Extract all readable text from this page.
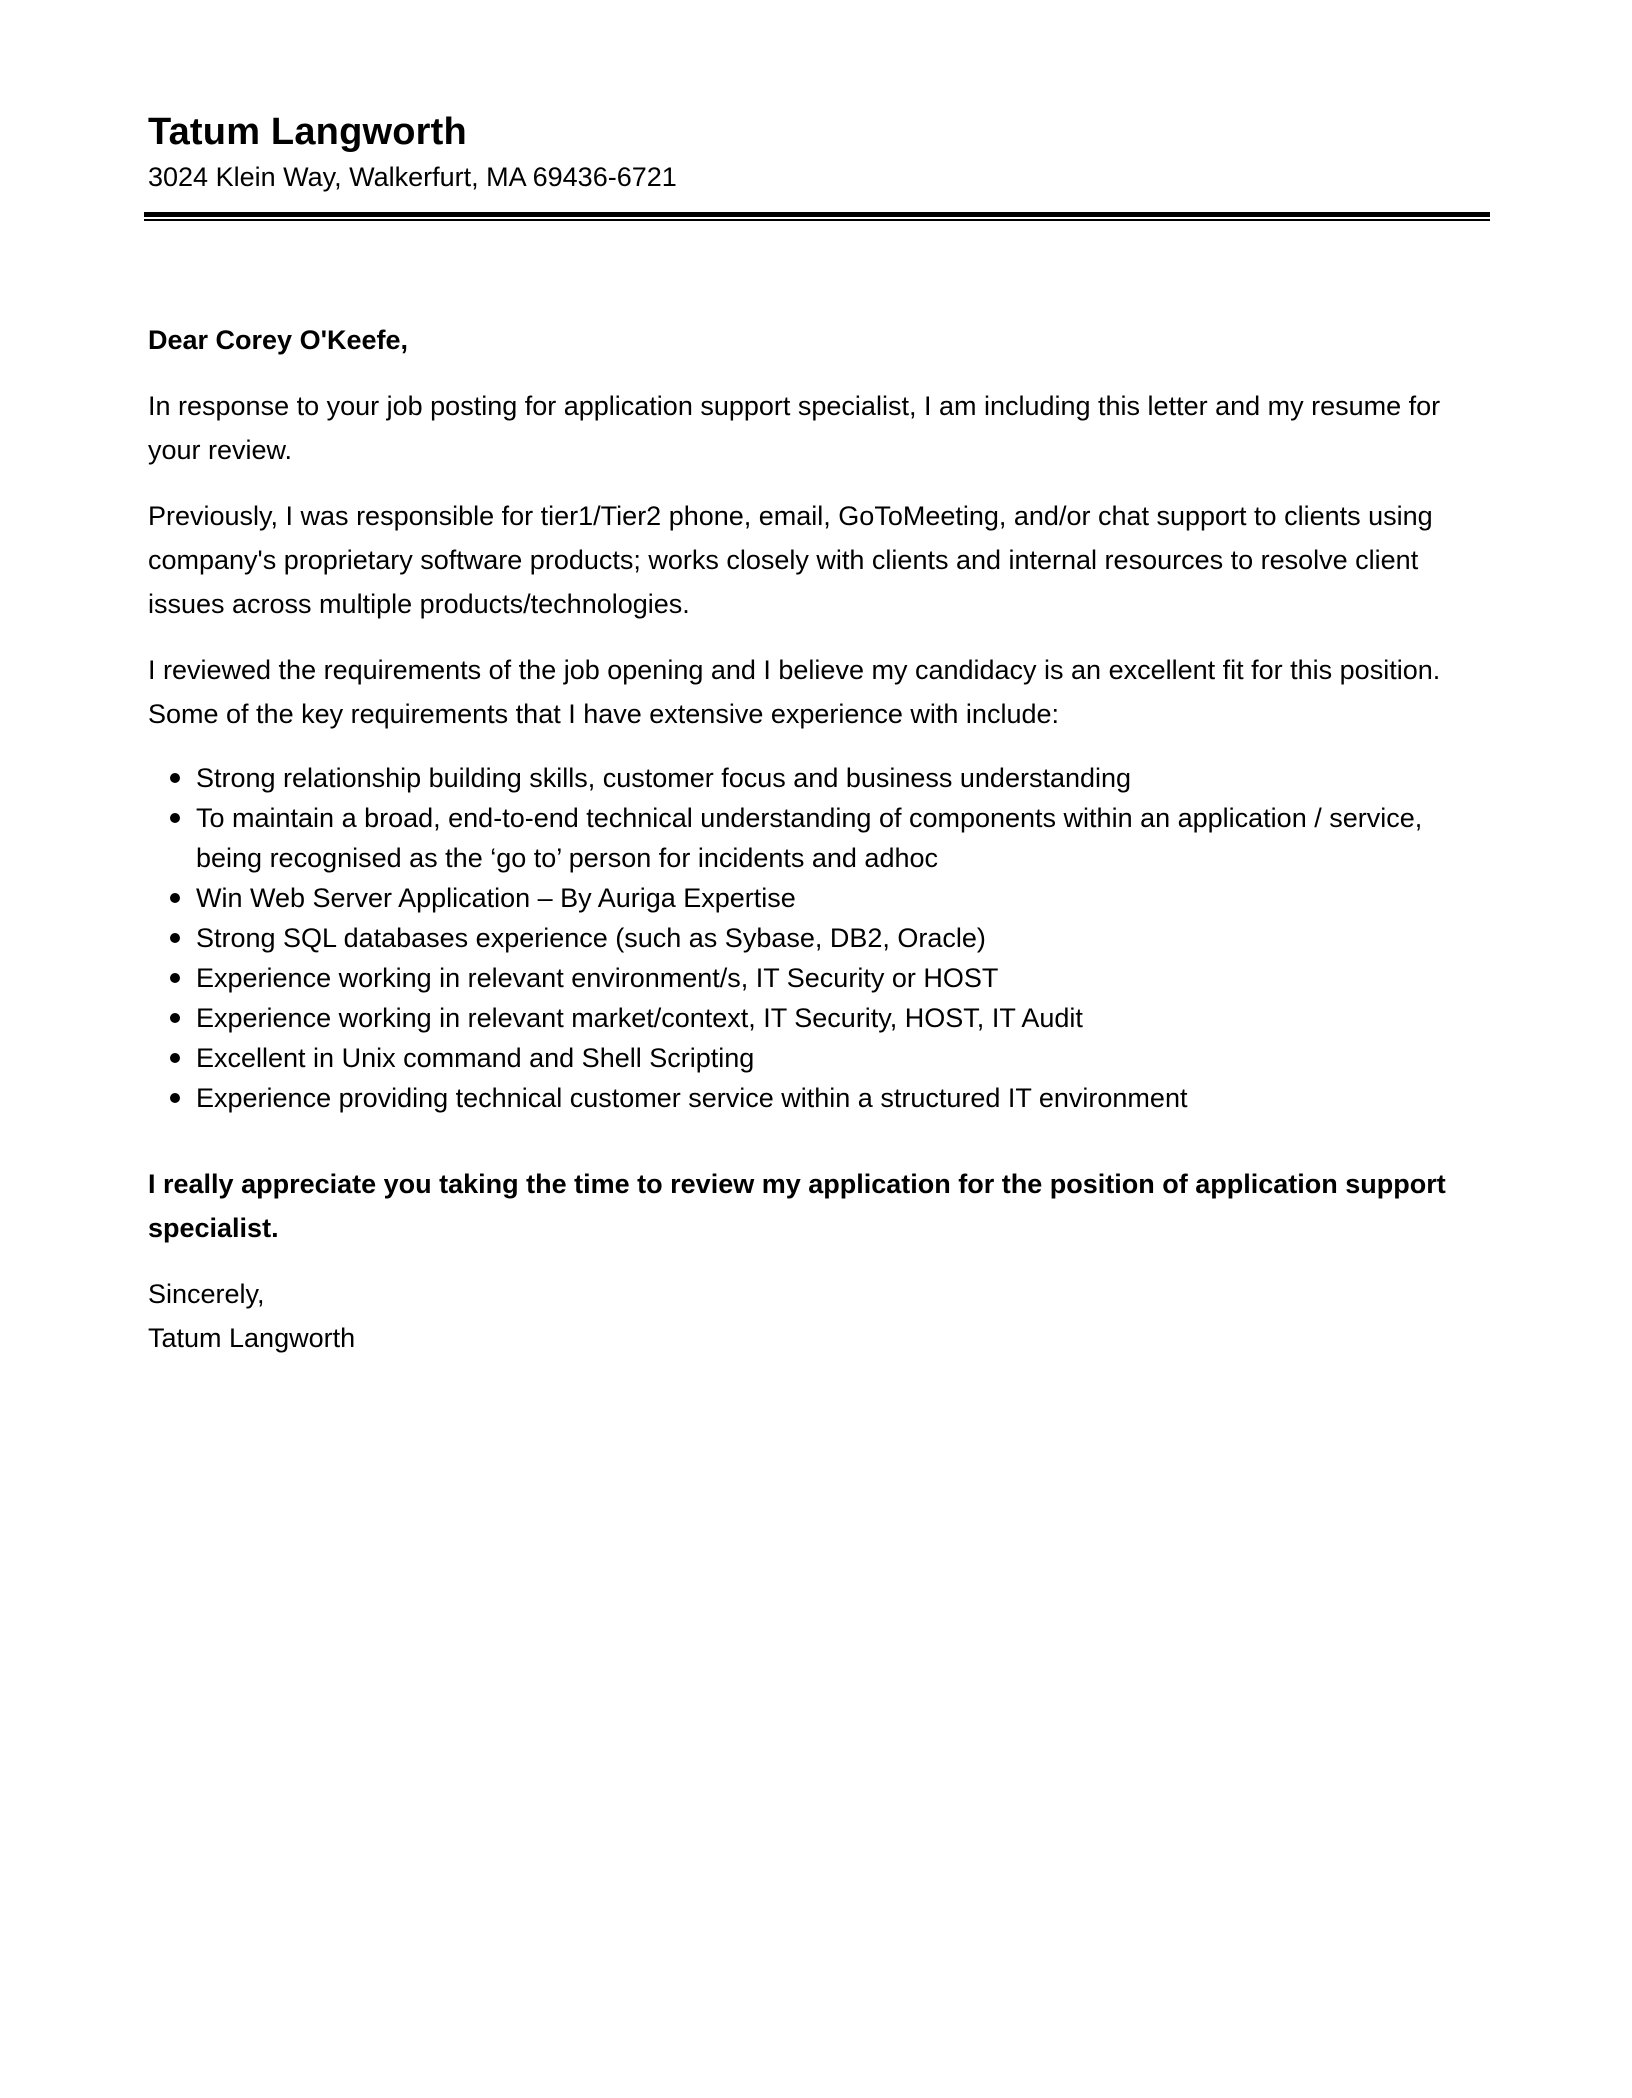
Tatum Langworth

3024 Klein Way, Walkerfurt, MA 69436-6721

Dear Corey O'Keefe,

In response to your job posting for application support specialist, I am including this letter and my resume for your review.

Previously, I was responsible for tier1/Tier2 phone, email, GoToMeeting, and/or chat support to clients using company's proprietary software products; works closely with clients and internal resources to resolve client issues across multiple products/technologies.

I reviewed the requirements of the job opening and I believe my candidacy is an excellent fit for this position. Some of the key requirements that I have extensive experience with include:

Strong relationship building skills, customer focus and business understanding
To maintain a broad, end-to-end technical understanding of components within an application / service, being recognised as the ‘go to’ person for incidents and adhoc
Win Web Server Application – By Auriga Expertise
Strong SQL databases experience (such as Sybase, DB2, Oracle)
Experience working in relevant environment/s, IT Security or HOST
Experience working in relevant market/context, IT Security, HOST, IT Audit
Excellent in Unix command and Shell Scripting
Experience providing technical customer service within a structured IT environment

I really appreciate you taking the time to review my application for the position of application support specialist.

Sincerely,

Tatum Langworth
